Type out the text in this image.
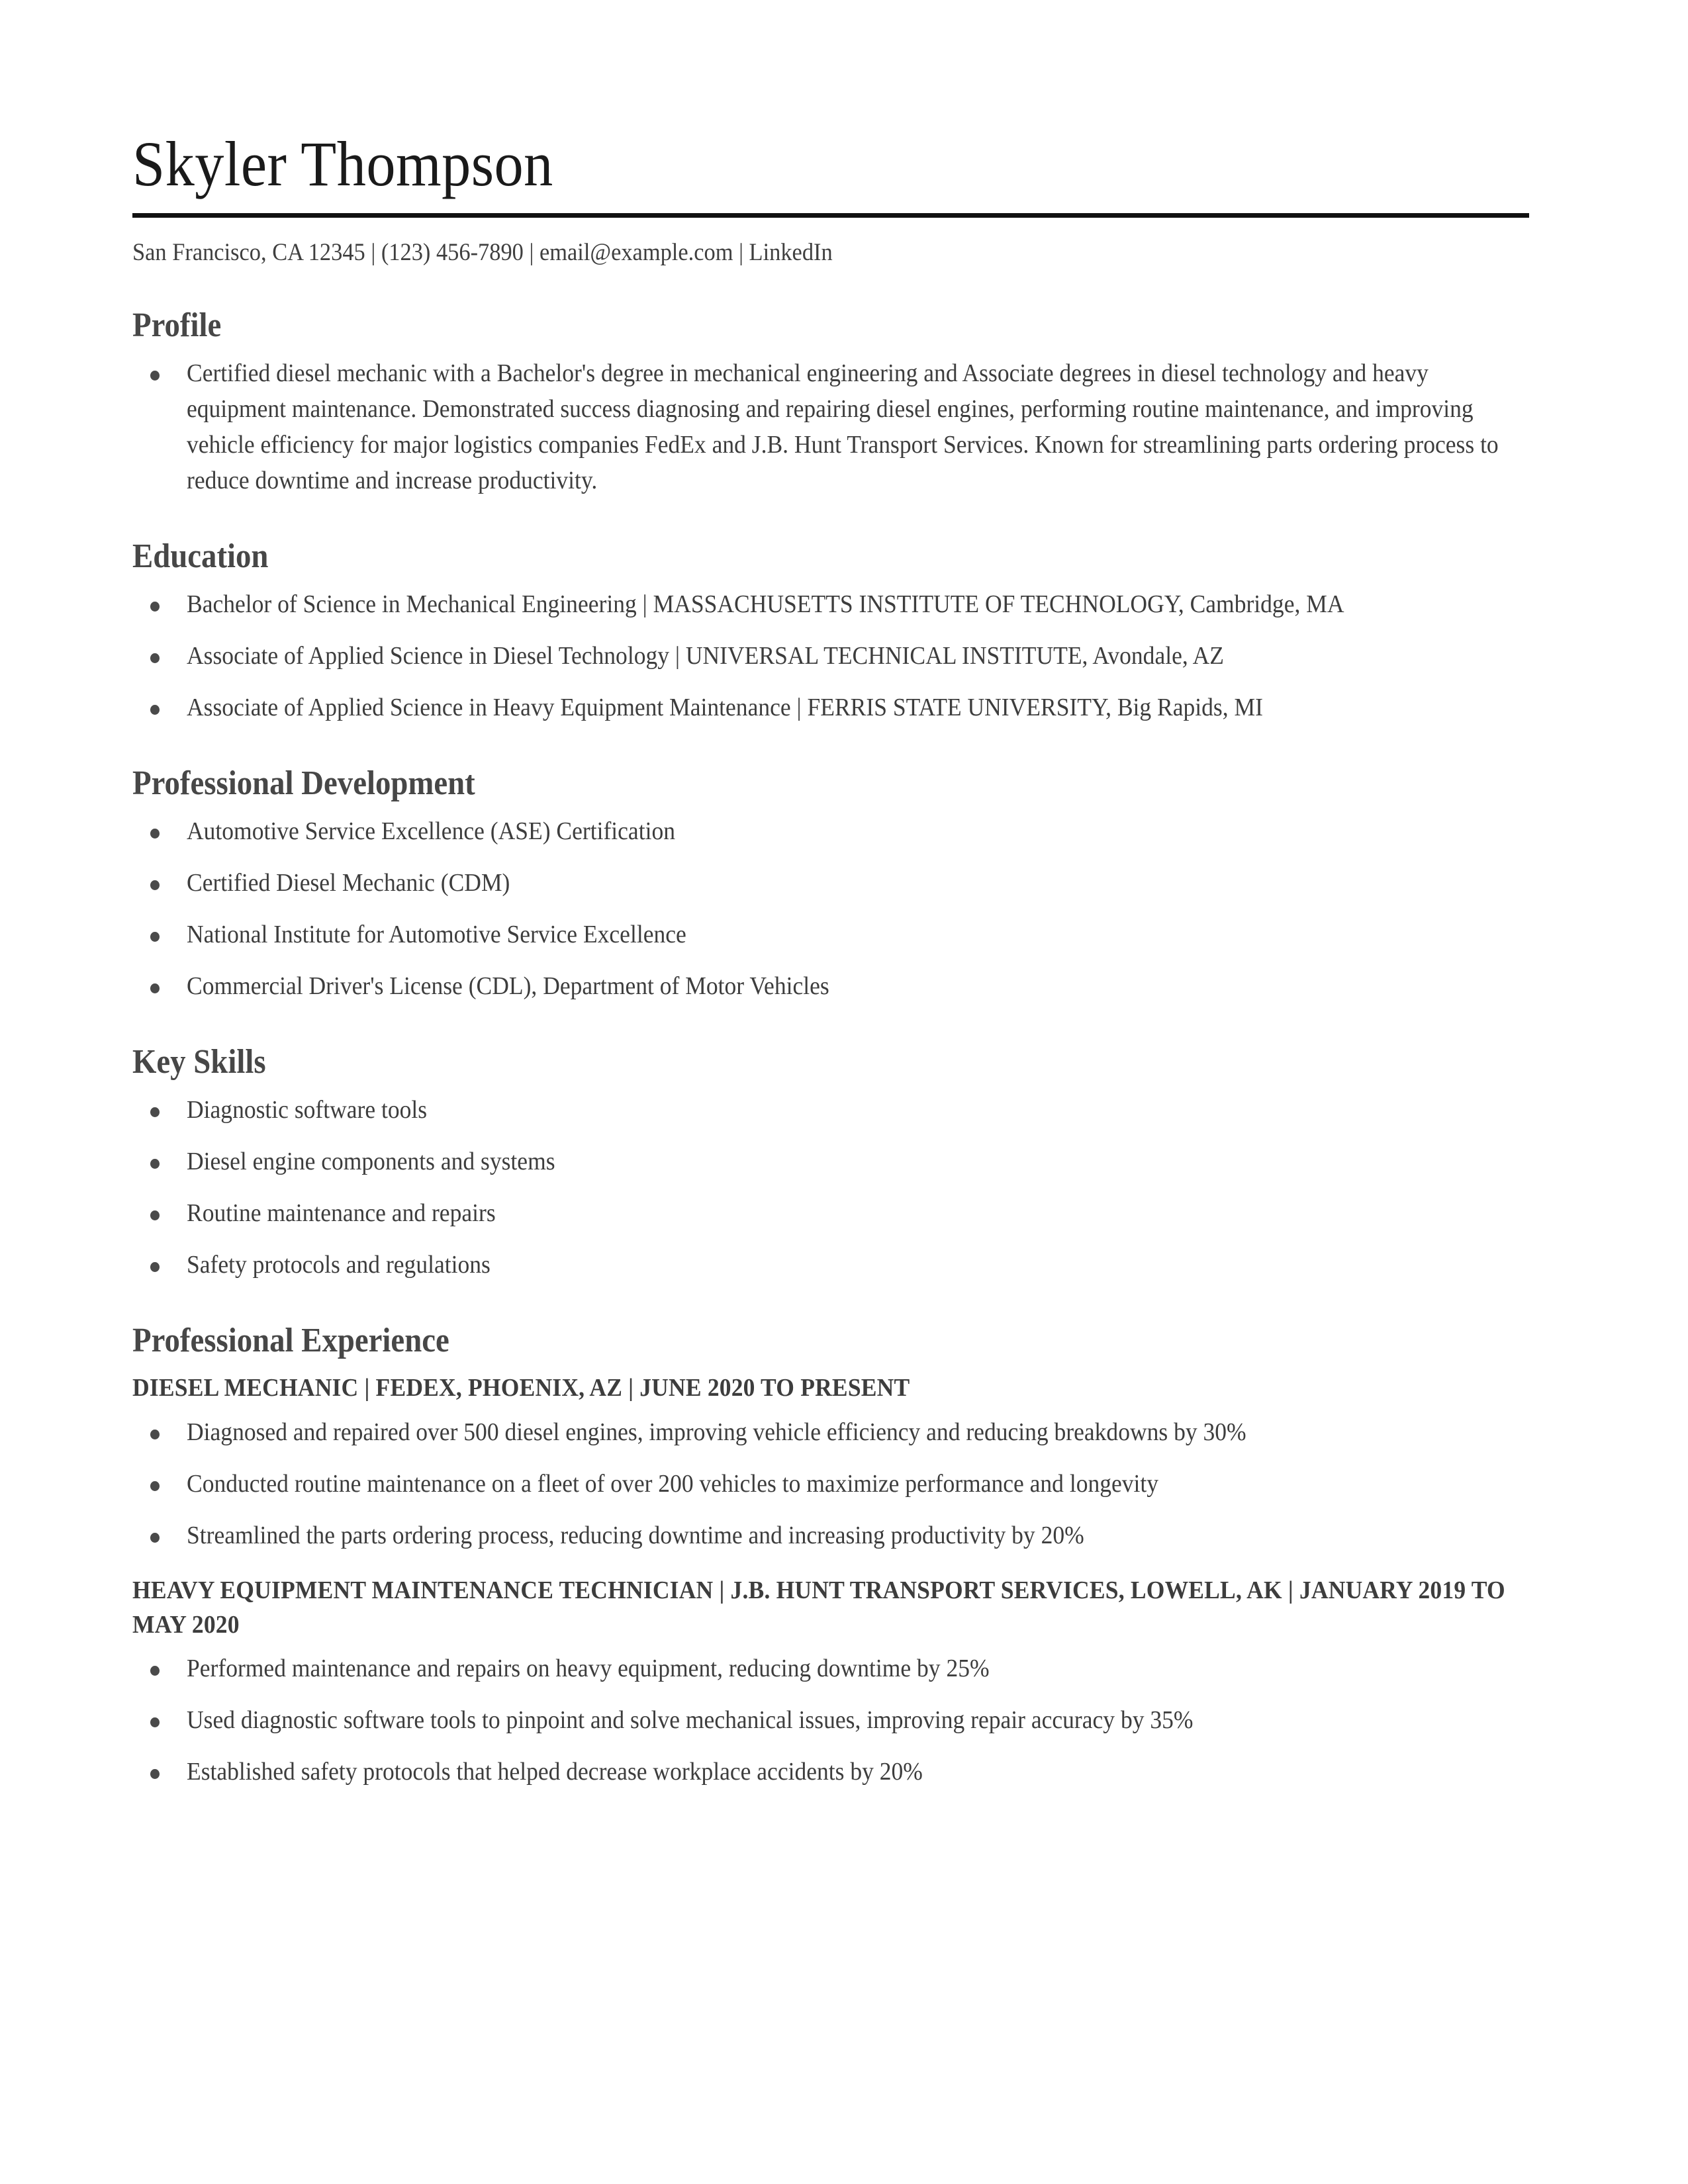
Skyler Thompson
San Francisco, CA 12345 | (123) 456-7890 | email@example.com | LinkedIn
Profile
Certified diesel mechanic with a Bachelor's degree in mechanical engineering and Associate degrees in diesel technology and heavy equipment maintenance. Demonstrated success diagnosing and repairing diesel engines, performing routine maintenance, and improving vehicle efficiency for major logistics companies FedEx and J.B. Hunt Transport Services. Known for streamlining parts ordering process to reduce downtime and increase productivity.
Education
Bachelor of Science in Mechanical Engineering | MASSACHUSETTS INSTITUTE OF TECHNOLOGY, Cambridge, MA
Associate of Applied Science in Diesel Technology | UNIVERSAL TECHNICAL INSTITUTE, Avondale, AZ
Associate of Applied Science in Heavy Equipment Maintenance | FERRIS STATE UNIVERSITY, Big Rapids, MI
Professional Development
Automotive Service Excellence (ASE) Certification
Certified Diesel Mechanic (CDM)
National Institute for Automotive Service Excellence
Commercial Driver's License (CDL), Department of Motor Vehicles
Key Skills
Diagnostic software tools
Diesel engine components and systems
Routine maintenance and repairs
Safety protocols and regulations
Professional Experience
DIESEL MECHANIC | FEDEX, PHOENIX, AZ | JUNE 2020 TO PRESENT
Diagnosed and repaired over 500 diesel engines, improving vehicle efficiency and reducing breakdowns by 30%
Conducted routine maintenance on a fleet of over 200 vehicles to maximize performance and longevity
Streamlined the parts ordering process, reducing downtime and increasing productivity by 20%
HEAVY EQUIPMENT MAINTENANCE TECHNICIAN | J.B. HUNT TRANSPORT SERVICES, LOWELL, AK | JANUARY 2019 TO MAY 2020
Performed maintenance and repairs on heavy equipment, reducing downtime by 25%
Used diagnostic software tools to pinpoint and solve mechanical issues, improving repair accuracy by 35%
Established safety protocols that helped decrease workplace accidents by 20%
